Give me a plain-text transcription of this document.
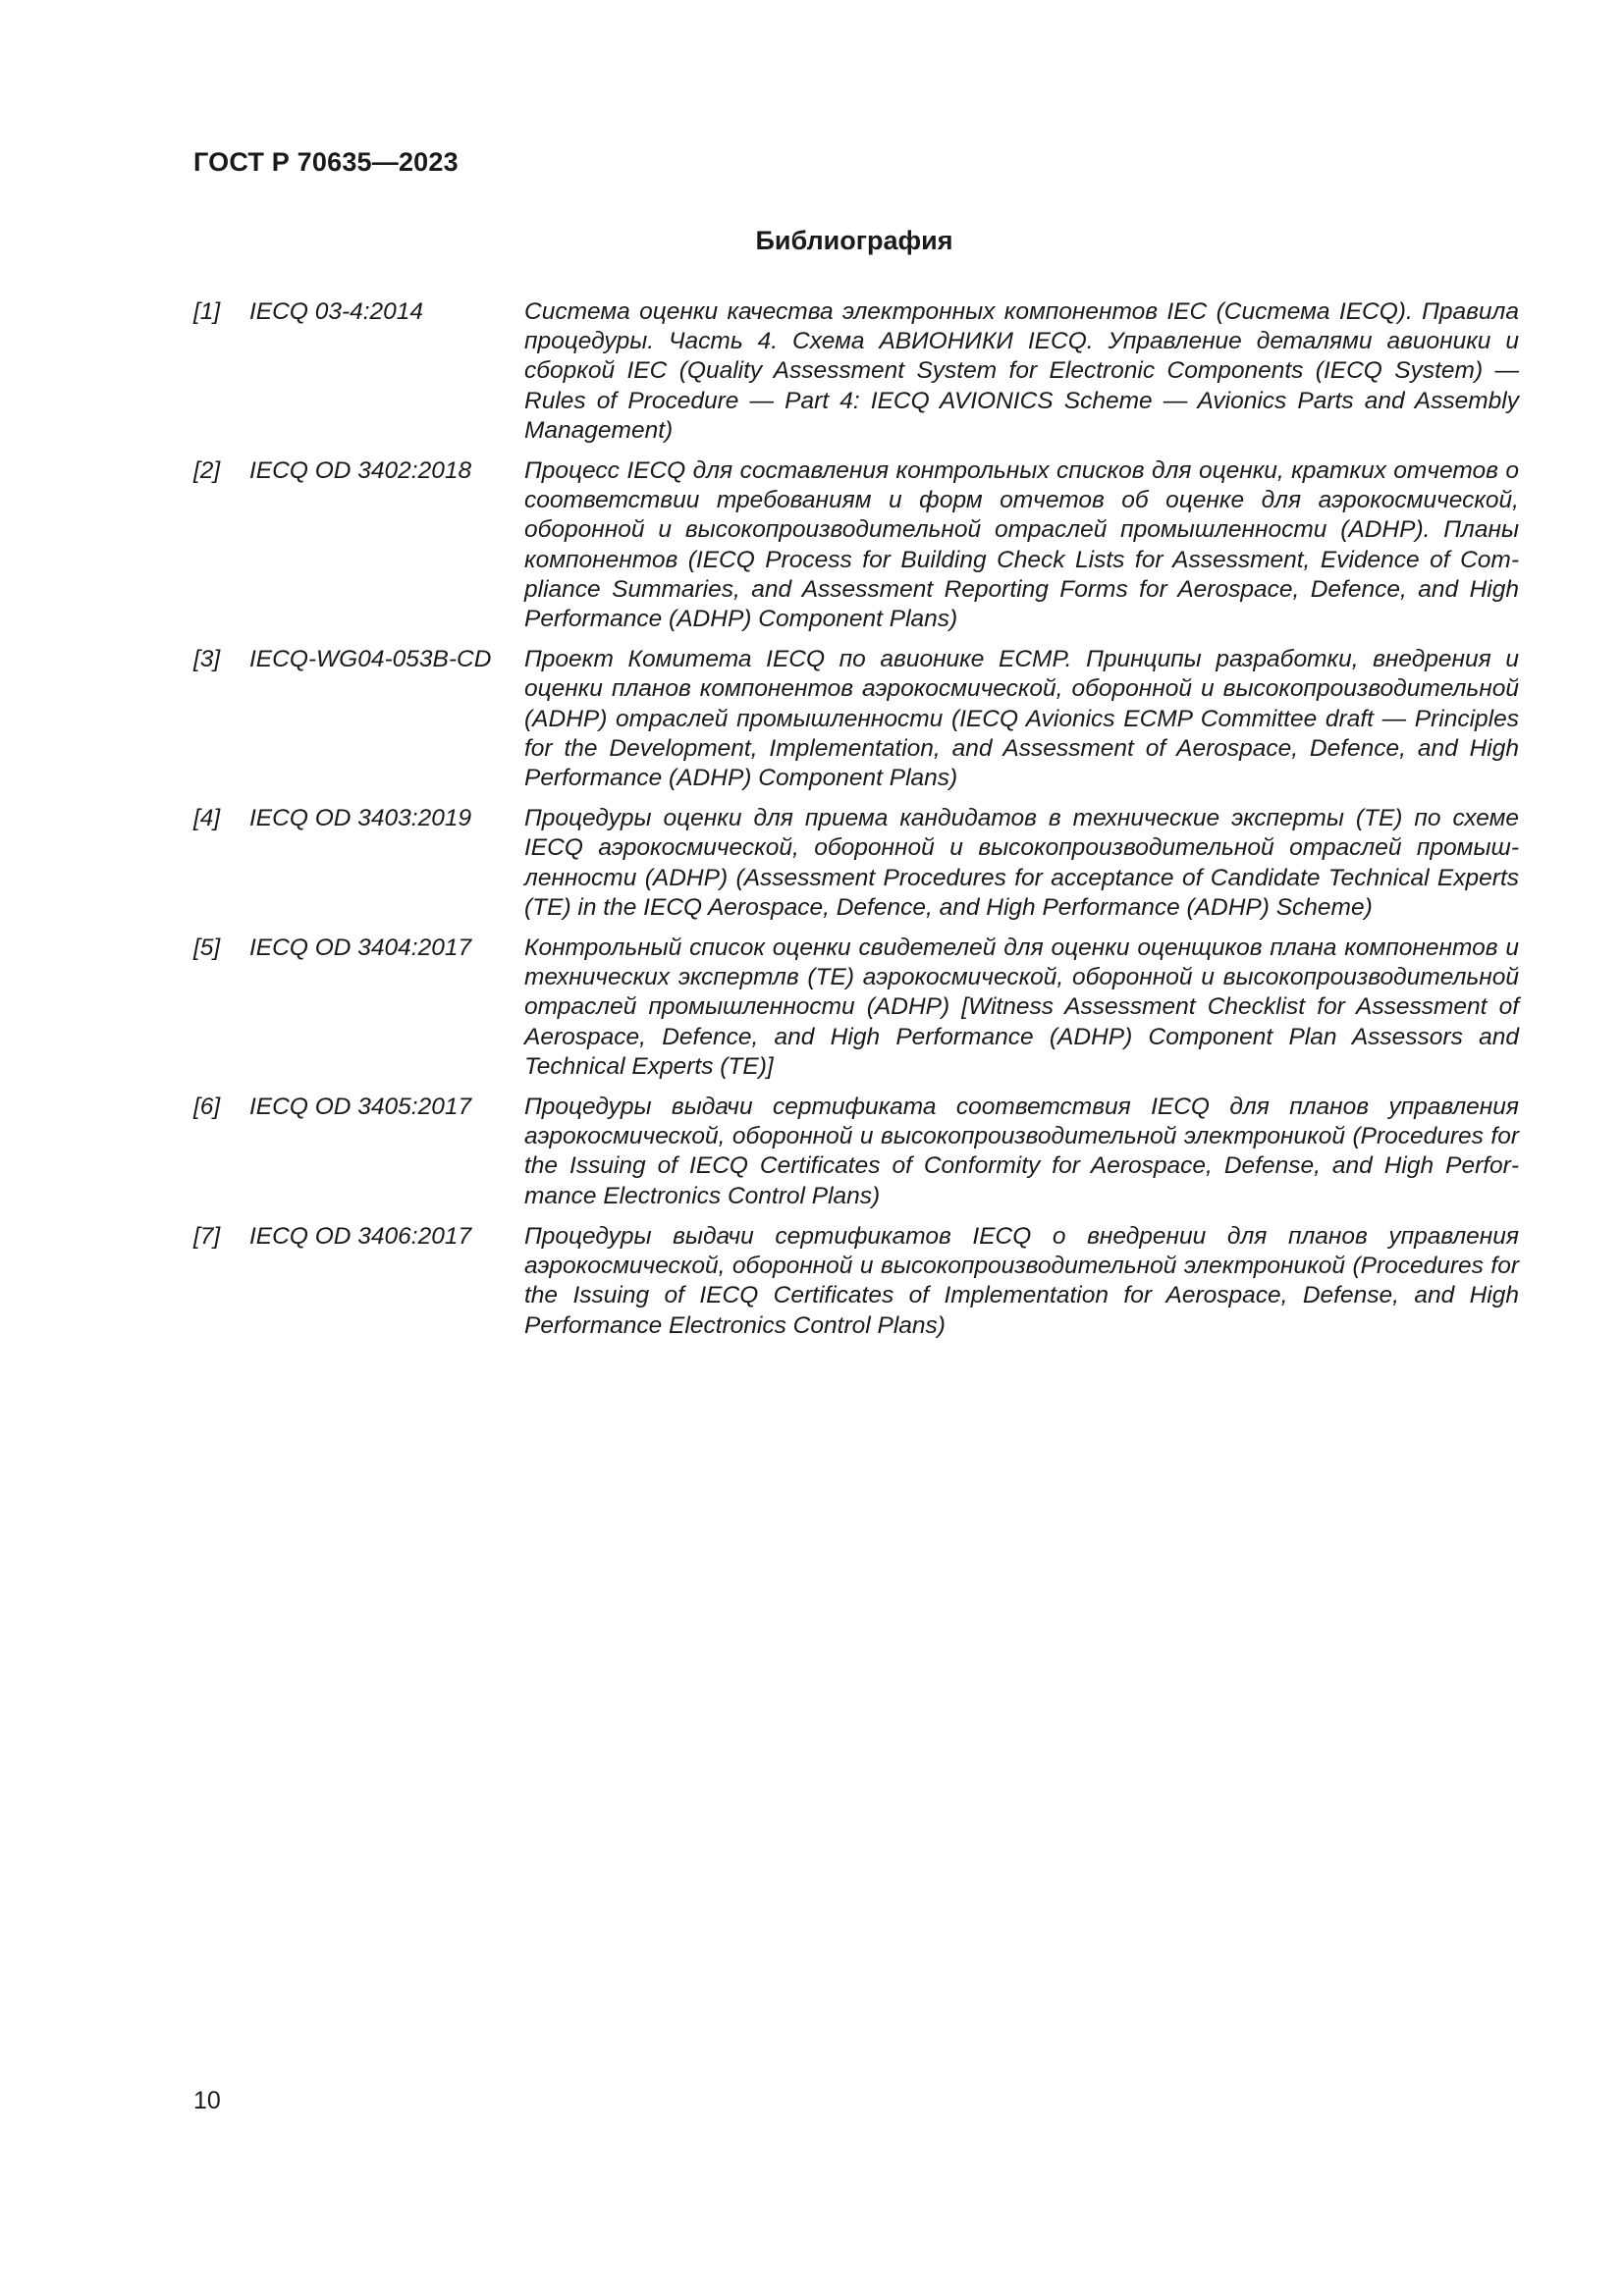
ГОСТ Р 70635—2023
Библиография
[1]	IECQ 03-4:2014	Система оценки качества электронных компонентов IEC (Система IECQ). Правила процедуры. Часть 4. Схема АВИОНИКИ IECQ. Управление деталями авионики и сборкой IEC (Quality Assessment System for Electronic Components (IECQ System) — Rules of Procedure — Part 4: IECQ AVIONICS Scheme — Avionics Parts and Assembly Management)
[2]	IECQ OD 3402:2018	Процесс IECQ для составления контрольных списков для оценки, кратких отчетов о соответствии требованиям и форм отчетов об оценке для аэрокосмической, оборонной и высокопроизводительной отраслей промышленности (ADHP). Планы компонентов (IECQ Process for Building Check Lists for Assessment, Evidence of Compliance Summaries, and Assessment Reporting Forms for Aerospace, Defence, and High Performance (ADHP) Component Plans)
[3]	IECQ-WG04-053B-CD	Проект Комитета IECQ по авионике ECMP. Принципы разработки, внедрения и оценки планов компонентов аэрокосмической, оборонной и высокопроизводительной (ADHP) отраслей промышленности (IECQ Avionics ECMP Committee draft — Principles for the Development, Implementation, and Assessment of Aerospace, Defence, and High Performance (ADHP) Component Plans)
[4]	IECQ OD 3403:2019	Процедуры оценки для приема кандидатов в технические эксперты (ТЕ) по схеме IECQ аэрокосмической, оборонной и высокопроизводительной отраслей промышленности (ADHP) (Assessment Procedures for acceptance of Candidate Technical Experts (TE) in the IECQ Aerospace, Defence, and High Performance (ADHP) Scheme)
[5]	IECQ OD 3404:2017	Контрольный список оценки свидетелей для оценки оценщиков плана компонентов и технических экспертлв (ТЕ) аэрокосмической, оборонной и высокопроизводительной отраслей промышленности (ADHP) [Witness Assessment Checklist for Assessment of Aerospace, Defence, and High Performance (ADHP) Component Plan Assessors and Technical Experts (TE)]
[6]	IECQ OD 3405:2017	Процедуры выдачи сертификата соответствия IECQ для планов управления аэрокосмической, оборонной и высокопроизводительной электроникой (Procedures for the Issuing of IECQ Certificates of Conformity for Aerospace, Defense, and High Performance Electronics Control Plans)
[7]	IECQ OD 3406:2017	Процедуры выдачи сертификатов IECQ о внедрении для планов управления аэрокосмической, оборонной и высокопроизводительной электроникой (Procedures for the Issuing of IECQ Certificates of Implementation for Aerospace, Defense, and High Performance Electronics Control Plans)
10
